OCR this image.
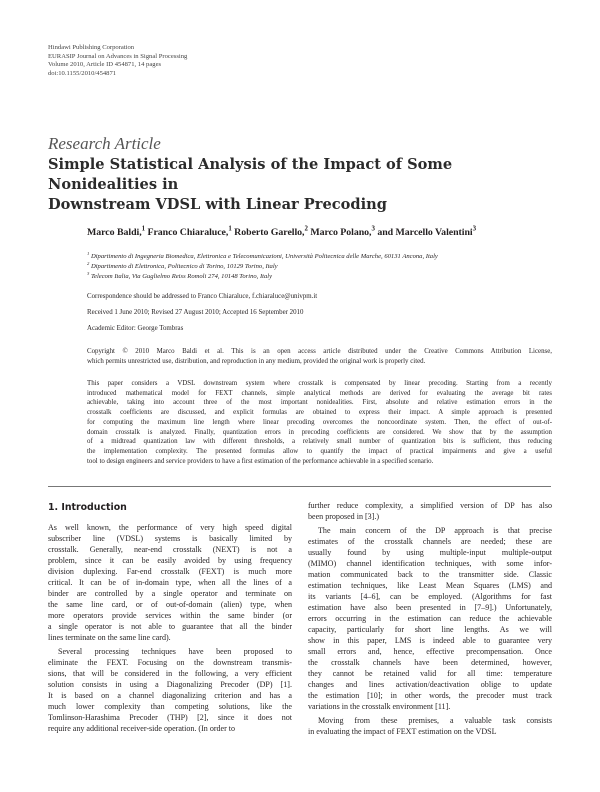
Hindawi Publishing Corporation
EURASIP Journal on Advances in Signal Processing
Volume 2010, Article ID 454871, 14 pages
doi:10.1155/2010/454871
Research Article
Simple Statistical Analysis of the Impact of Some Nonidealities in
Downstream VDSL with Linear Precoding
Marco Baldi,$^1$ Franco Chiaraluce,$^1$ Roberto Garello,$^2$ Marco Polano,$^3$ and Marcello Valentini$^3$
$^1$ Dipartimento di Ingegneria Biomedica, Elettronica e Telecomunicazioni, Università Politecnica delle Marche, 60131 Ancona, Italy
$^2$ Dipartimento di Elettronica, Politecnico di Torino, 10129 Torino, Italy
$^3$ Telecom Italia, Via Guglielmo Reiss Romoli 274, 10148 Torino, Italy
Correspondence should be addressed to Franco Chiaraluce, f.chiaraluce@univpm.it
Received 1 June 2010; Revised 27 August 2010; Accepted 16 September 2010
Academic Editor: George Tombras
Copyright © 2010 Marco Baldi et al. This is an open access article distributed under the Creative Commons Attribution License,
which permits unrestricted use, distribution, and reproduction in any medium, provided the original work is properly cited.
This paper considers a VDSL downstream system where crosstalk is compensated by linear precoding. Starting from a recently
introduced mathematical model for FEXT channels, simple analytical methods are derived for evaluating the average bit rates
achievable, taking into account three of the most important nonidealities. First, absolute and relative estimation errors in the
crosstalk coefficients are discussed, and explicit formulas are obtained to express their impact. A simple approach is presented
for computing the maximum line length where linear precoding overcomes the noncoordinate system. Then, the effect of out-of-
domain crosstalk is analyzed. Finally, quantization errors in precoding coefficients are considered. We show that by the assumption
of a midtread quantization law with different thresholds, a relatively small number of quantization bits is sufficient, thus reducing
the implementation complexity. The presented formulas allow to quantify the impact of practical impairments and give a useful
tool to design engineers and service providers to have a first estimation of the performance achievable in a specified scenario.
1. Introduction
As well known, the performance of very high speed digital
subscriber line (VDSL) systems is basically limited by
crosstalk. Generally, near-end crosstalk (NEXT) is not a
problem, since it can be easily avoided by using frequency
division duplexing. Far-end crosstalk (FEXT) is much more
critical. It can be of in-domain type, when all the lines of a
binder are controlled by a single operator and terminate on
the same line card, or of out-of-domain (alien) type, when
more operators provide services within the same binder (or
a single operator is not able to guarantee that all the binder
lines terminate on the same line card).
Several processing techniques have been proposed to
eliminate the FEXT. Focusing on the downstream transmis-
sions, that will be considered in the following, a very efficient
solution consists in using a Diagonalizing Precoder (DP) [1].
It is based on a channel diagonalizing criterion and has a
much lower complexity than competing solutions, like the
Tomlinson-Harashima Precoder (THP) [2], since it does not
require any additional receiver-side operation. (In order to
further reduce complexity, a simplified version of DP has also
been proposed in [3].)
The main concern of the DP approach is that precise
estimates of the crosstalk channels are needed; these are
usually found by using multiple-input multiple-output
(MIMO) channel identification techniques, with some infor-
mation communicated back to the transmitter side. Classic
estimation techniques, like Least Mean Squares (LMS) and
its variants [4–6], can be employed. (Algorithms for fast
estimation have also been presented in [7–9].) Unfortunately,
errors occurring in the estimation can reduce the achievable
capacity, particularly for short line lengths. As we will
show in this paper, LMS is indeed able to guarantee very
small errors and, hence, effective precompensation. Once
the crosstalk channels have been determined, however,
they cannot be retained valid for all time: temperature
changes and lines activation/deactivation oblige to update
the estimation [10]; in other words, the precoder must track
variations in the crosstalk environment [11].
Moving from these premises, a valuable task consists
in evaluating the impact of FEXT estimation on the VDSL
